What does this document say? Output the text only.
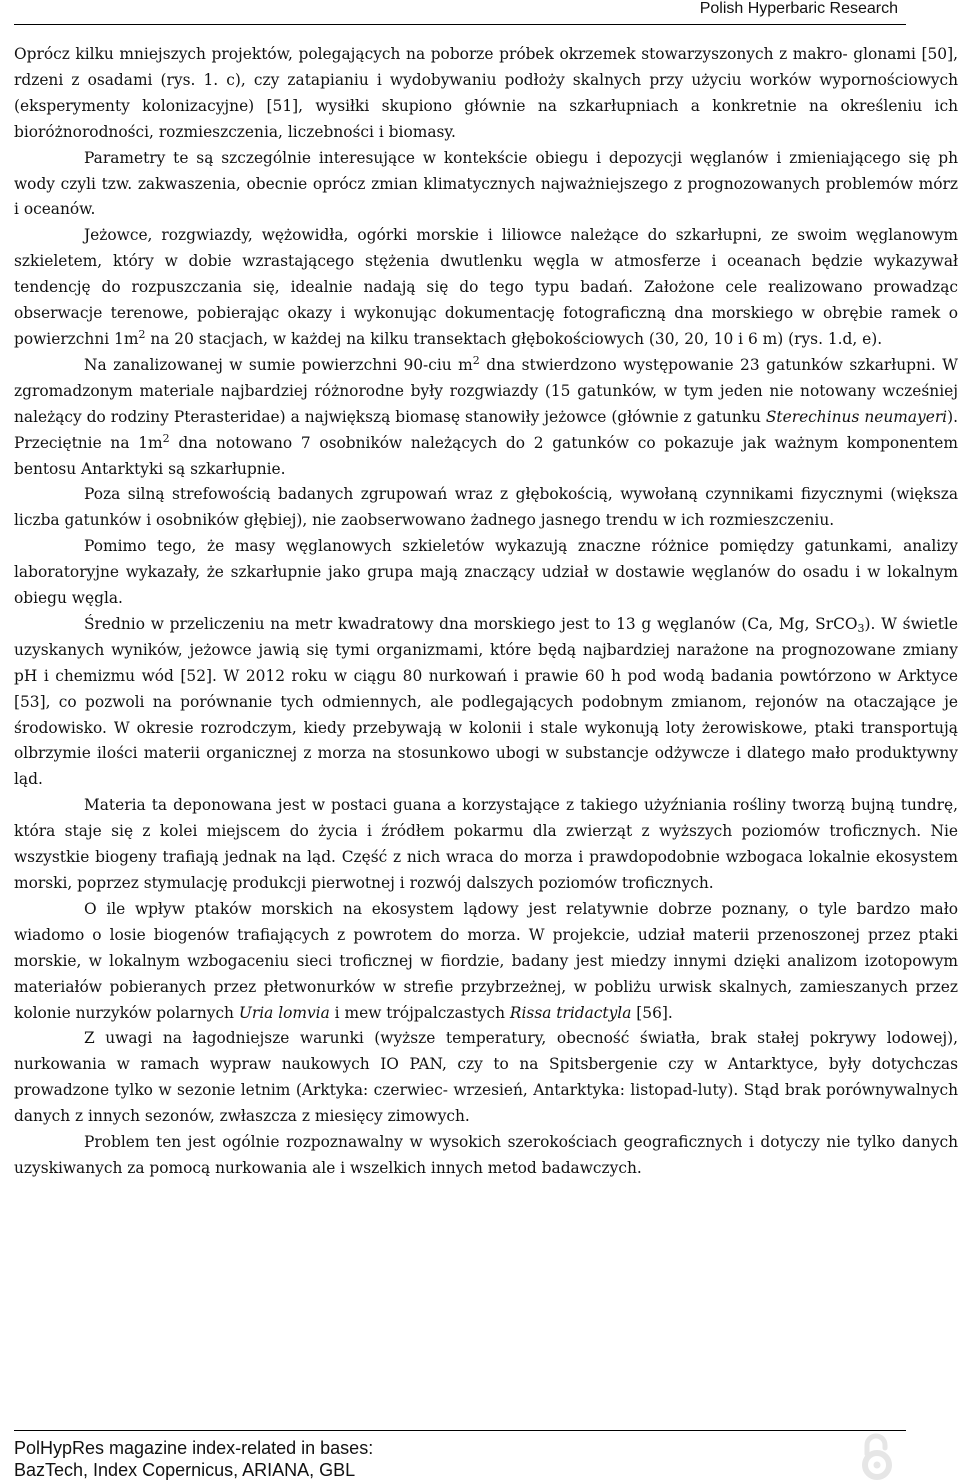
Polish Hyperbaric Research

Oprócz kilku mniejszych projektów, polegających na poborze próbek okrzemek stowarzyszonych z makro- glonami [50], rdzeni z osadami (rys. 1. c), czy zatapianiu i wydobywaniu podłoży skalnych przy użyciu worków wypornościowych (eksperymenty kolonizacyjne) [51], wysiłki skupiono głównie na szkarłupniach a konkretnie na określeniu ich bioróżnorodności, rozmieszczenia, liczebności i biomasy.

Parametry te są szczególnie interesujące w kontekście obiegu i depozycji węglanów i zmieniającego się ph wody czyli tzw. zakwaszenia, obecnie oprócz zmian klimatycznych najważniejszego z prognozowanych problemów mórz i oceanów.

Jeżowce, rozgwiazdy, wężowidła, ogórki morskie i liliowce należące do szkarłupni, ze swoim węglanowym szkieletem, który w dobie wzrastającego stężenia dwutlenku węgla w atmosferze i oceanach będzie wykazywał tendencję do rozpuszczania się, idealnie nadają się do tego typu badań. Założone cele realizowano prowadząc obserwacje terenowe, pobierając okazy i wykonując dokumentację fotograficzną dna morskiego w obrębie ramek o powierzchni $1m^2$ na 20 stacjach, w każdej na kilku transektach głębokościowych (30, 20, 10 i 6 m) (rys. 1.d, e).

Na zanalizowanej w sumie powierzchni 90-ciu $m^2$ dna stwierdzono występowanie 23 gatunków szkarłupni. W zgromadzonym materiale najbardziej różnorodne były rozgwiazdy (15 gatunków, w tym jeden nie notowany wcześniej należący do rodziny Pterasteridae) a największą biomasę stanowiły jeżowce (głównie z gatunku Sterechinus neumayeri). Przeciętnie na $1m^2$ dna notowano 7 osobników należących do 2 gatunków co pokazuje jak ważnym komponentem bentosu Antarktyki są szkarłupnie.

Poza silną strefowością badanych zgrupowań wraz z głębokością, wywołaną czynnikami fizycznymi (większa liczba gatunków i osobników głębiej), nie zaobserwowano żadnego jasnego trendu w ich rozmieszczeniu.

Pomimo tego, że masy węglanowych szkieletów wykazują znaczne różnice pomiędzy gatunkami, analizy laboratoryjne wykazały, że szkarłupnie jako grupa mają znaczący udział w dostawie węglanów do osadu i w lokalnym obiegu węgla.

Średnio w przeliczeniu na metr kwadratowy dna morskiego jest to 13 g węglanów (Ca, Mg, SrCO$_3$). W świetle uzyskanych wyników, jeżowce jawią się tymi organizmami, które będą najbardziej narażone na prognozowane zmiany pH i chemizmu wód [52]. W 2012 roku w ciągu 80 nurkowań i prawie 60 h pod wodą badania powtórzono w Arktyce [53], co pozwoli na porównanie tych odmiennych, ale podlegających podobnym zmianom, rejonów na otaczające je środowisko. W okresie rozrodczym, kiedy przebywają w kolonii i stale wykonują loty żerowiskowe, ptaki transportują olbrzymie ilości materii organicznej z morza na stosunkowo ubogi w substancje odżywcze i dlatego mało produktywny ląd.

Materia ta deponowana jest w postaci guana a korzystające z takiego użyźniania rośliny tworzą bujną tundrę, która staje się z kolei miejscem do życia i źródłem pokarmu dla zwierząt z wyższych poziomów troficznych. Nie wszystkie biogeny trafiają jednak na ląd. Część z nich wraca do morza i prawdopodobnie wzbogaca lokalnie ekosystem morski, poprzez stymulację produkcji pierwotnej i rozwój dalszych poziomów troficznych.

O ile wpływ ptaków morskich na ekosystem lądowy jest relatywnie dobrze poznany, o tyle bardzo mało wiadomo o losie biogenów trafiających z powrotem do morza. W projekcie, udział materii przenoszonej przez ptaki morskie, w lokalnym wzbogaceniu sieci troficznej w fiordzie, badany jest miedzy innymi dzięki analizom izotopowym materiałów pobieranych przez płetwonurków w strefie przybrzeżnej, w pobliżu urwisk skalnych, zamieszanych przez kolonie nurzyków polarnych Uria lomvia i mew trójpalczastych Rissa tridactyla [56].

Z uwagi na łagodniejsze warunki (wyższe temperatury, obecność światła, brak stałej pokrywy lodowej), nurkowania w ramach wypraw naukowych IO PAN, czy to na Spitsbergenie czy w Antarktyce, były dotychczas prowadzone tylko w sezonie letnim (Arktyka: czerwiec- wrzesień, Antarktyka: listopad-luty). Stąd brak porównywalnych danych z innych sezonów, zwłaszcza z miesięcy zimowych.

Problem ten jest ogólnie rozpoznawalny w wysokich szerokościach geograficznych i dotyczy nie tylko danych uzyskiwanych za pomocą nurkowania ale i wszelkich innych metod badawczych.

PolHypRes magazine index-related in bases:
BazTech, Index Copernicus, ARIANA, GBL
